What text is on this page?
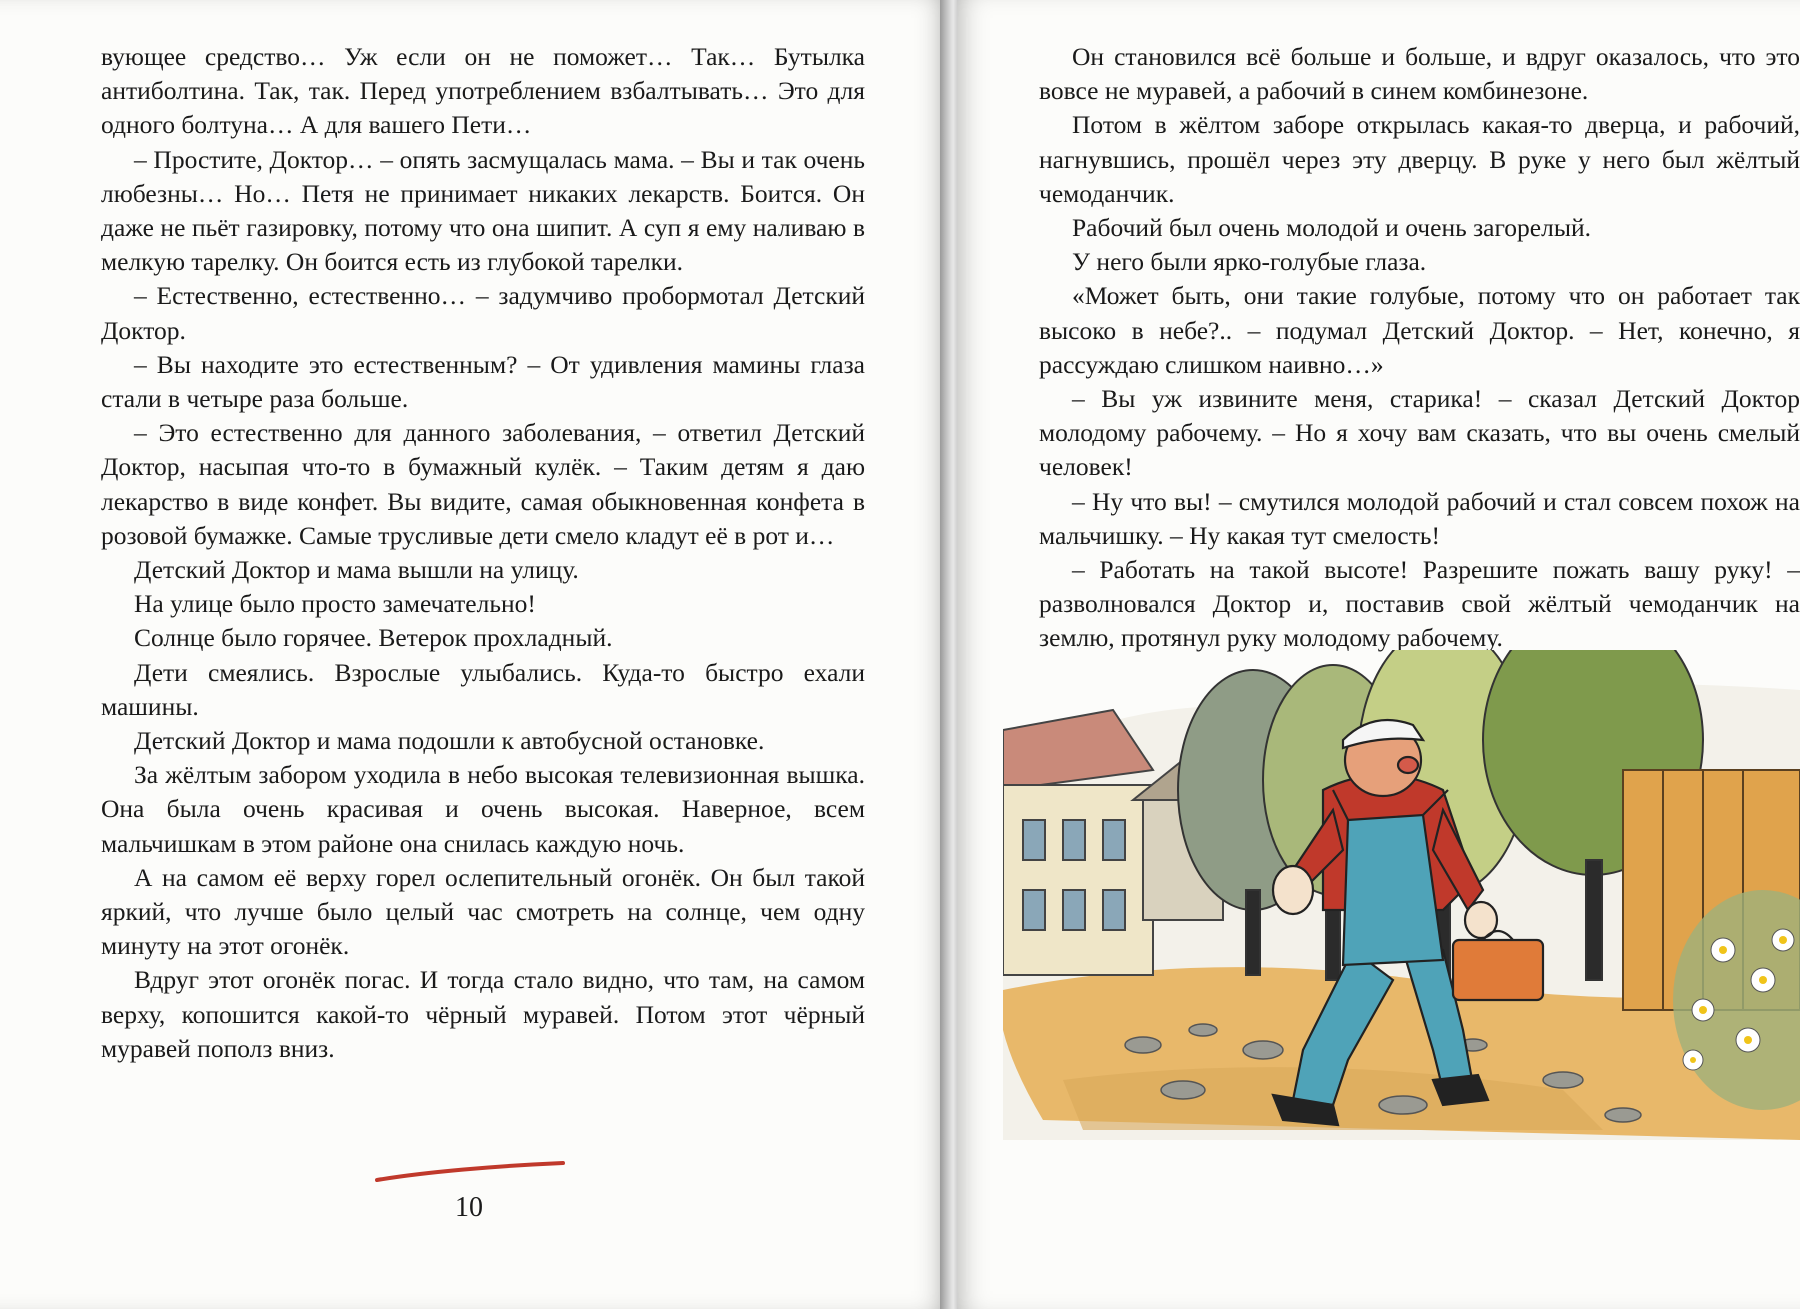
вующее средство… Уж если он не поможет… Так… Бутылка антиболтина. Так, так. Перед употреблением взбалтывать… Это для одного болтуна… А для вашего Пети…

– Простите, Доктор… – опять засмущалась мама. – Вы и так очень любезны… Но… Петя не принимает никаких лекарств. Боится. Он даже не пьёт газировку, потому что она шипит. А суп я ему наливаю в мелкую тарелку. Он боится есть из глубокой тарелки.

– Естественно, естественно… – задумчиво пробормотал Детский Доктор.

– Вы находите это естественным? – От удивления мамины глаза стали в четыре раза больше.

– Это естественно для данного заболевания, – ответил Детский Доктор, насыпая что-то в бумажный кулёк. – Таким детям я даю лекарство в виде конфет. Вы видите, самая обыкновенная конфета в розовой бумажке. Самые трусливые дети смело кладут её в рот и…

Детский Доктор и мама вышли на улицу.

На улице было просто замечательно!

Солнце было горячее. Ветерок прохладный.

Дети смеялись. Взрослые улыбались. Куда-то быстро ехали машины.

Детский Доктор и мама подошли к автобусной остановке.

За жёлтым забором уходила в небо высокая телевизионная вышка. Она была очень красивая и очень высокая. Наверное, всем мальчишкам в этом районе она снилась каждую ночь.

А на самом её верху горел ослепительный огонёк. Он был такой яркий, что лучше было целый час смотреть на солнце, чем одну минуту на этот огонёк.

Вдруг этот огонёк погас. И тогда стало видно, что там, на самом верху, копошится какой-то чёрный муравей. Потом этот чёрный муравей пополз вниз.

10

Он становился всё больше и больше, и вдруг оказалось, что это вовсе не муравей, а рабочий в синем комбинезоне.

Потом в жёлтом заборе открылась какая-то дверца, и рабочий, нагнувшись, прошёл через эту дверцу. В руке у него был жёлтый чемоданчик.

Рабочий был очень молодой и очень загорелый.

У него были ярко-голубые глаза.

«Может быть, они такие голубые, потому что он работает так высоко в небе?.. – подумал Детский Доктор. – Нет, конечно, я рассуждаю слишком наивно…»

– Вы уж извините меня, старика! – сказал Детский Доктор молодому рабочему. – Но я хочу вам сказать, что вы очень смелый человек!

– Ну что вы! – смутился молодой рабочий и стал совсем похож на мальчишку. – Ну какая тут смелость!

– Работать на такой высоте! Разрешите пожать вашу руку! – разволновался Доктор и, поставив свой жёлтый чемоданчик на землю, протянул руку молодому рабочему.
